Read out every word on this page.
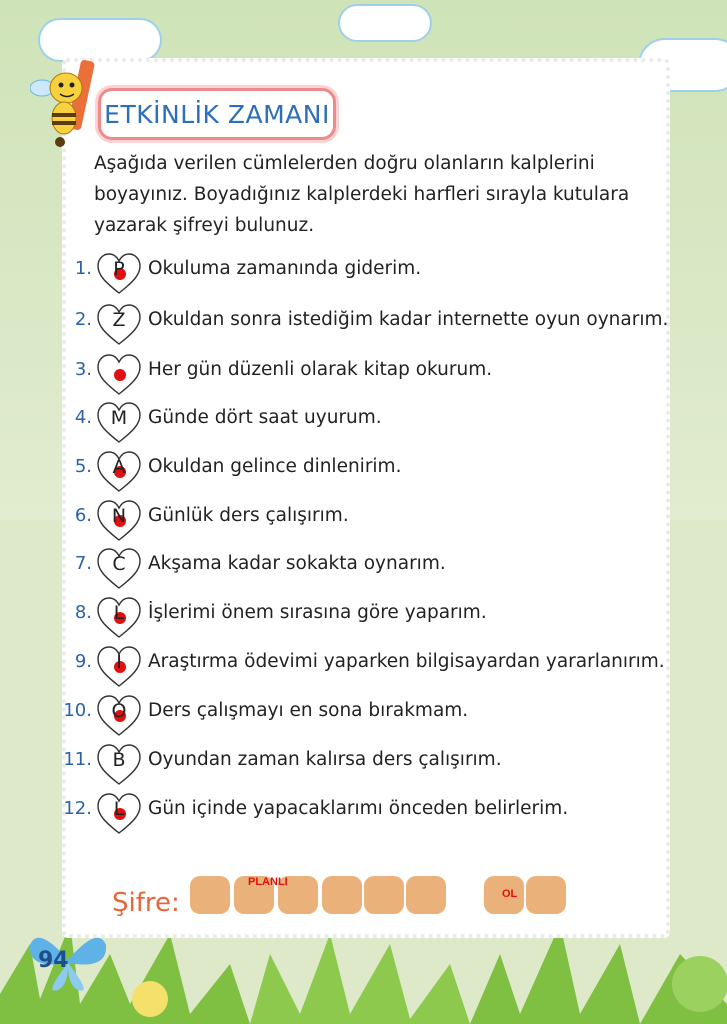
ETKİNLİK ZAMANI
Aşağıda verilen cümlelerden doğru olanların kalplerini boyayınız. Boyadığınız kalplerdeki harfleri sırayla kutulara yazarak şifreyi bulunuz.
1.	P	Okuluma zamanında giderim.
2.	Z	Okuldan sonra istediğim kadar internette oyun oynarım.
3.	Her gün düzenli olarak kitap okurum.
4. M	Günde dört saat uyurum.
5.	A	Okuldan gelince dinlenirim.
6.	N	Günlük ders çalışırım.
7.	C	Akşama kadar sokakta oynarım.
8.	L	İşlerimi önem sırasına göre yaparım.
9.	I	Araştırma ödevimi yaparken bilgisayardan yararlanırım.
10.	O	Ders çalışmayı en sona bırakmam.
11.	B	Oyundan zaman kalırsa ders çalışırım.
12.	L	Gün içinde yapacaklarımı önceden belirlerim.
Şifre:
PLANLI
OL
94
